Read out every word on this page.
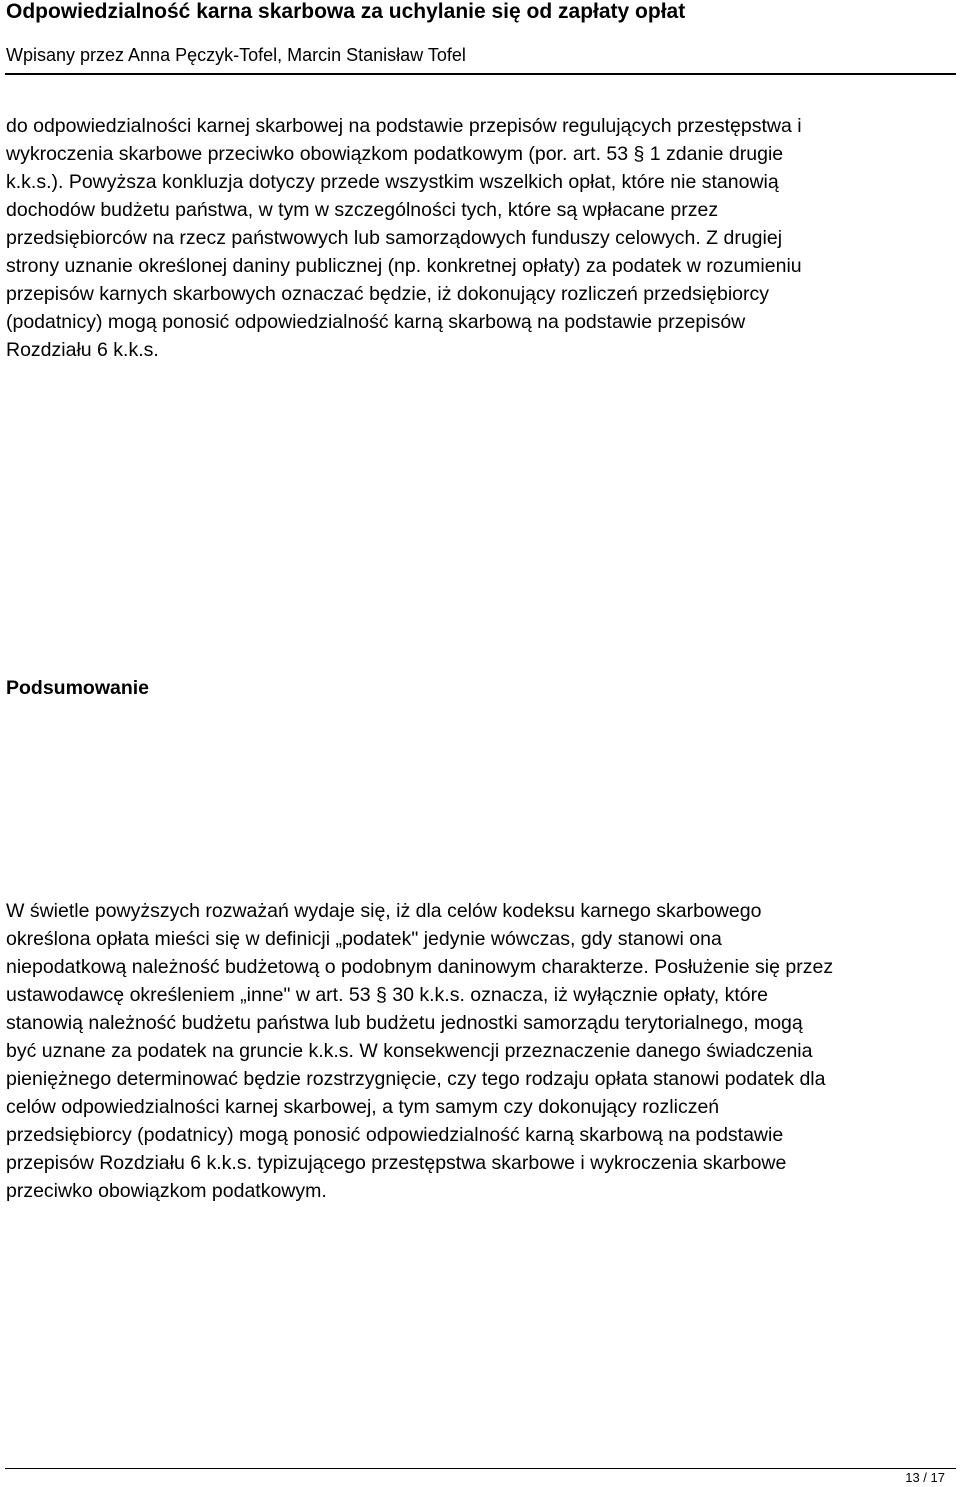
Odpowiedzialność karna skarbowa za uchylanie się od zapłaty opłat
Wpisany przez Anna Pęczyk-Tofel, Marcin Stanisław Tofel
do odpowiedzialności karnej skarbowej na podstawie przepisów regulujących przestępstwa i
wykroczenia skarbowe przeciwko obowiązkom podatkowym (por. art. 53 § 1 zdanie drugie
k.k.s.). Powyższa konkluzja dotyczy przede wszystkim wszelkich opłat, które nie stanowią
dochodów budżetu państwa, w tym w szczególności tych, które są wpłacane przez
przedsiębiorców na rzecz państwowych lub samorządowych funduszy celowych. Z drugiej
strony uznanie określonej daniny publicznej (np. konkretnej opłaty) za podatek w rozumieniu
przepisów karnych skarbowych oznaczać będzie, iż dokonujący rozliczeń przedsiębiorcy
(podatnicy) mogą ponosić odpowiedzialność karną skarbową na podstawie przepisów
Rozdziału 6 k.k.s.
Podsumowanie
W świetle powyższych rozważań wydaje się, iż dla celów kodeksu karnego skarbowego
określona opłata mieści się w definicji „podatek" jedynie wówczas, gdy stanowi ona
niepodatkową należność budżetową o podobnym daninowym charakterze. Posłużenie się przez
ustawodawcę określeniem „inne" w art. 53 § 30 k.k.s. oznacza, iż wyłącznie opłaty, które
stanowią należność budżetu państwa lub budżetu jednostki samorządu terytorialnego, mogą
być uznane za podatek na gruncie k.k.s. W konsekwencji przeznaczenie danego świadczenia
pieniężnego determinować będzie rozstrzygnięcie, czy tego rodzaju opłata stanowi podatek dla
celów odpowiedzialności karnej skarbowej, a tym samym czy dokonujący rozliczeń
przedsiębiorcy (podatnicy) mogą ponosić odpowiedzialność karną skarbową na podstawie
przepisów Rozdziału 6 k.k.s. typizującego przestępstwa skarbowe i wykroczenia skarbowe
przeciwko obowiązkom podatkowym.
13 / 17
